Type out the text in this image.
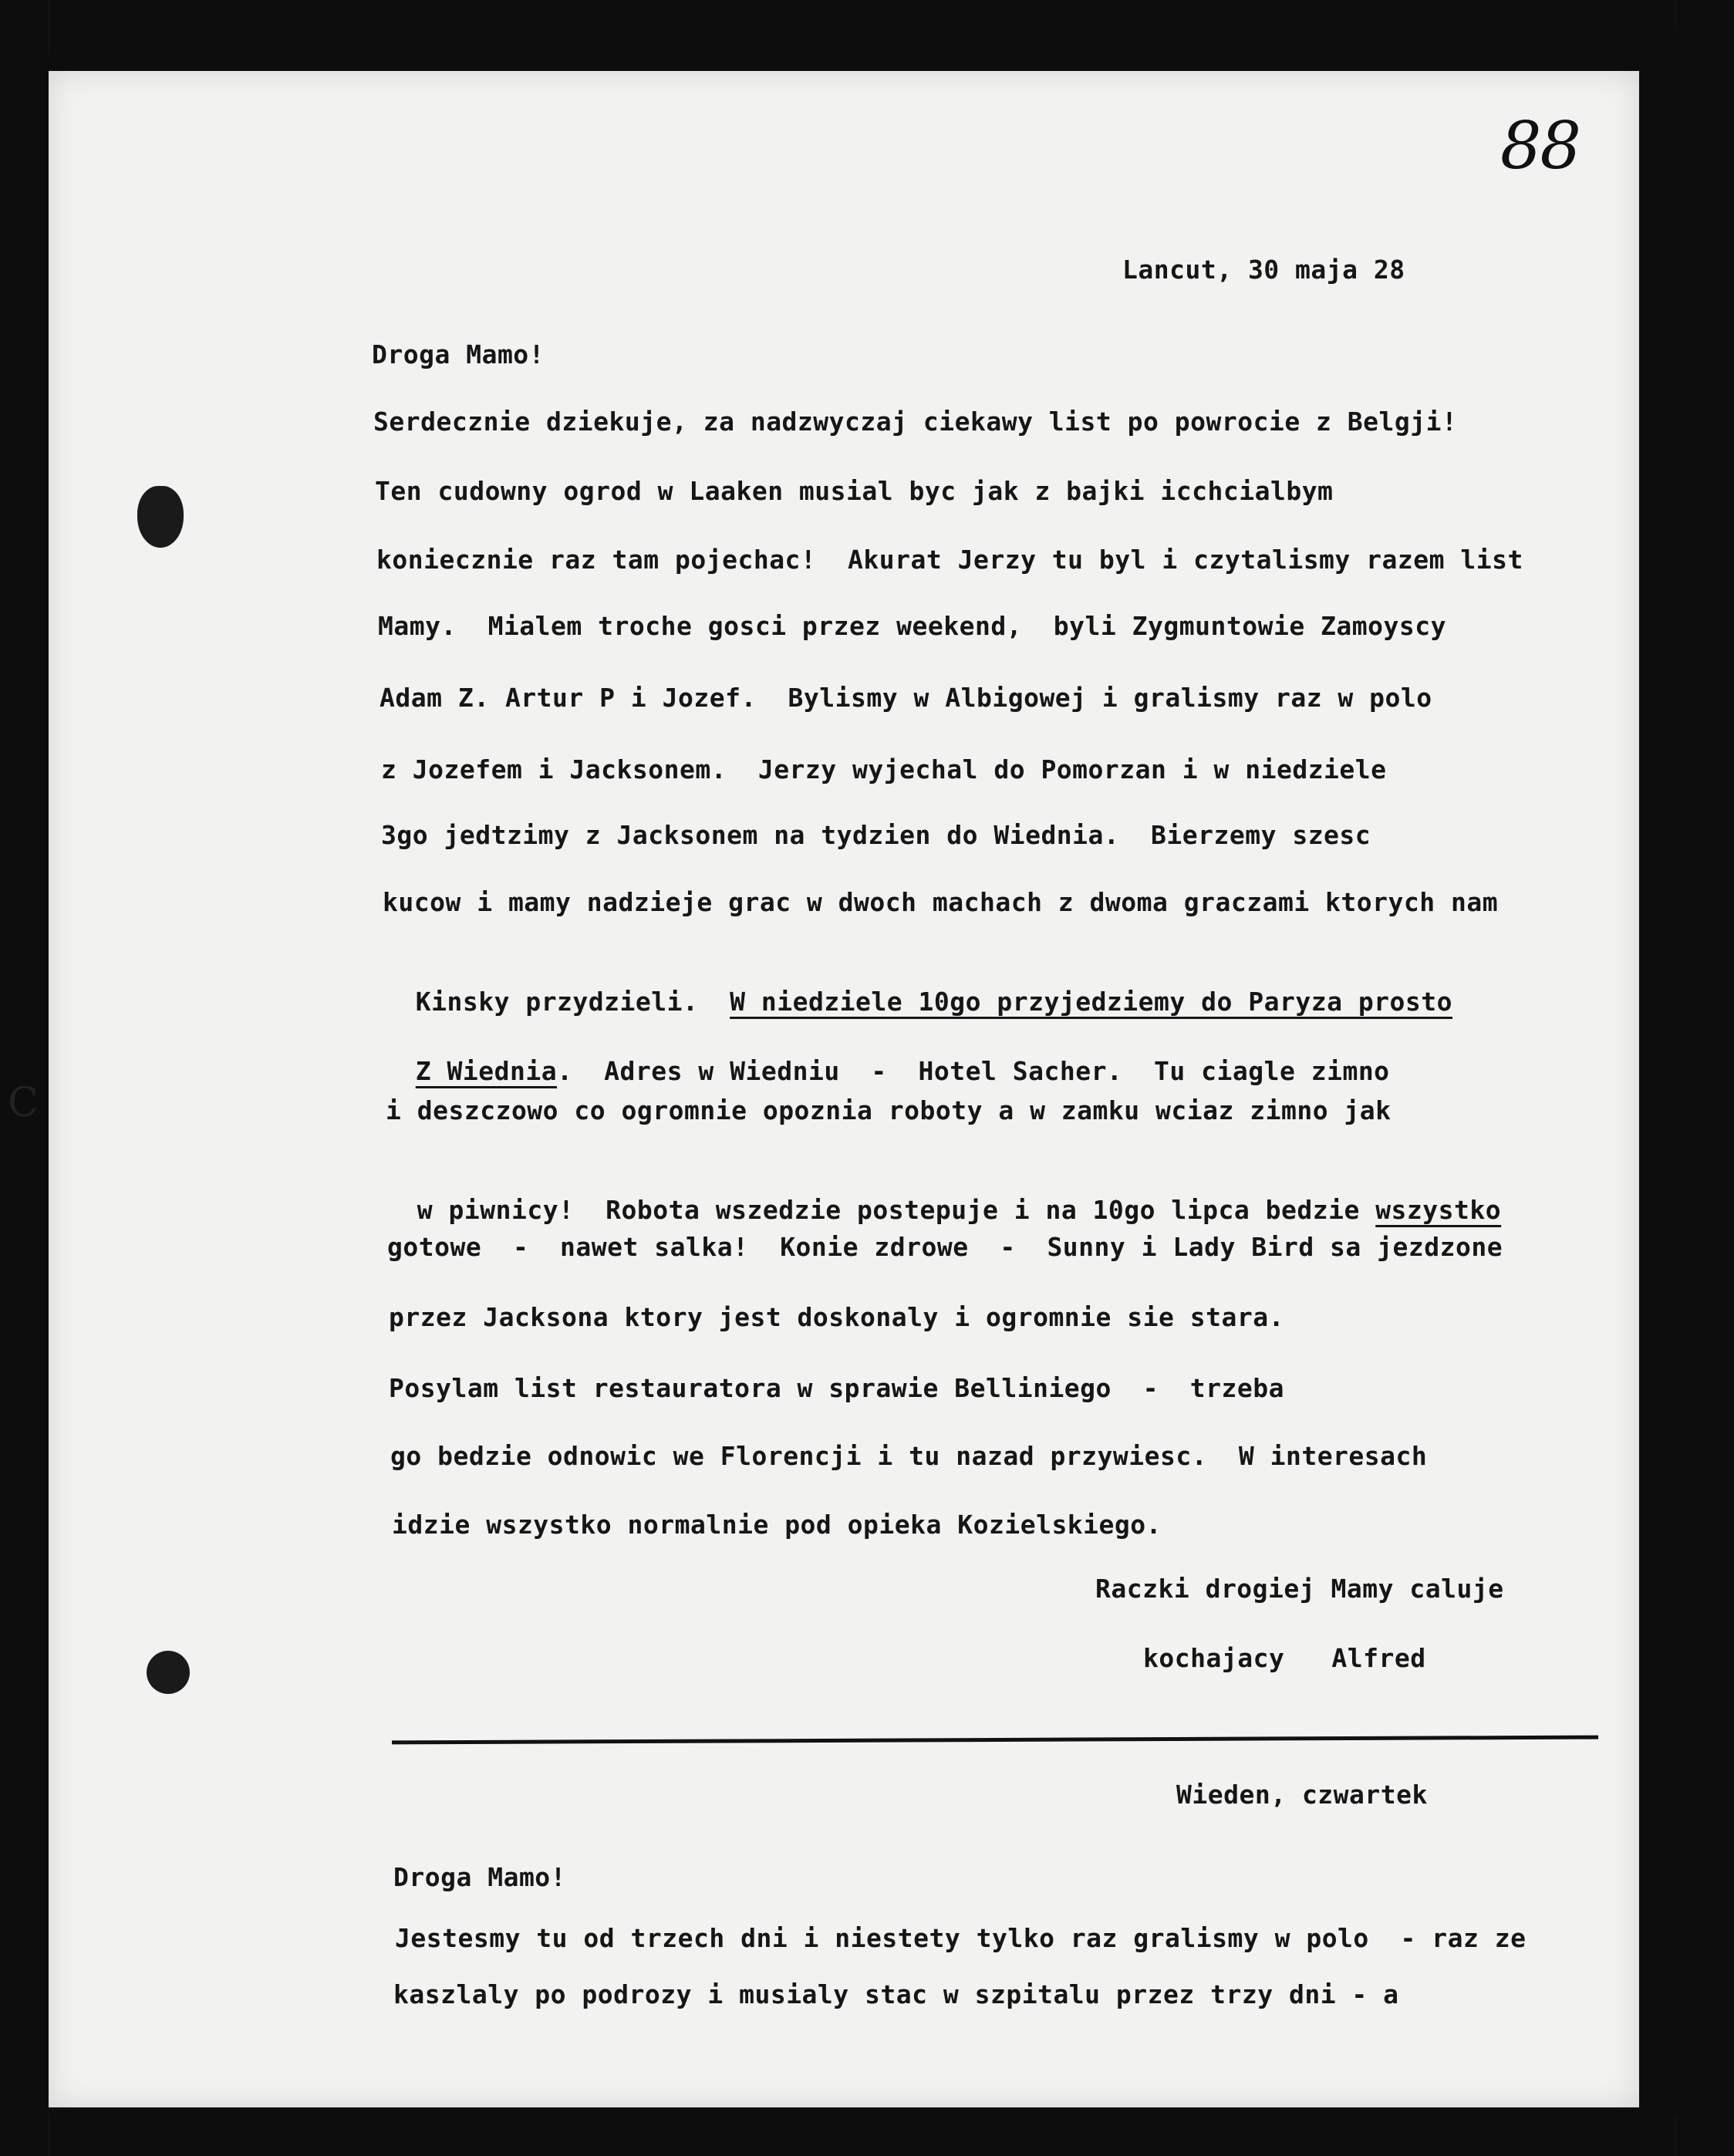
C
88
Lancut, 30 maja 28
Droga Mamo!
Serdecznie dziekuje, za nadzwyczaj ciekawy list po powrocie z Belgji!
Ten cudowny ogrod w Laaken musial byc jak z bajki icchcialbym
koniecznie raz tam pojechac!  Akurat Jerzy tu byl i czytalismy razem list
Mamy.  Mialem troche gosci przez weekend,  byli Zygmuntowie Zamoyscy
Adam Z. Artur P i Jozef.  Bylismy w Albigowej i gralismy raz w polo
z Jozefem i Jacksonem.  Jerzy wyjechal do Pomorzan i w niedziele
3go jedtzimy z Jacksonem na tydzien do Wiednia.  Bierzemy szesc
kucow i mamy nadzieje grac w dwoch machach z dwoma graczami ktorych nam

Kinsky przydzieli.  W niedziele 10go przyjedziemy do Paryza prosto

Z Wiednia.  Adres w Wiedniu  -  Hotel Sacher.  Tu ciagle zimno

i deszczowo co ogromnie opoznia roboty a w zamku wciaz zimno jak

w piwnicy!  Robota wszedzie postepuje i na 10go lipca bedzie wszystko

gotowe  -  nawet salka!  Konie zdrowe  -  Sunny i Lady Bird sa jezdzone
przez Jacksona ktory jest doskonaly i ogromnie sie stara.
Posylam list restauratora w sprawie Belliniego  -  trzeba
go bedzie odnowic we Florencji i tu nazad przywiesc.  W interesach
idzie wszystko normalnie pod opieka Kozielskiego.
Raczki drogiej Mamy caluje
kochajacy   Alfred
Wieden, czwartek
Droga Mamo!
Jestesmy tu od trzech dni i niestety tylko raz gralismy w polo  - raz ze
kaszlaly po podrozy i musialy stac w szpitalu przez trzy dni - a
